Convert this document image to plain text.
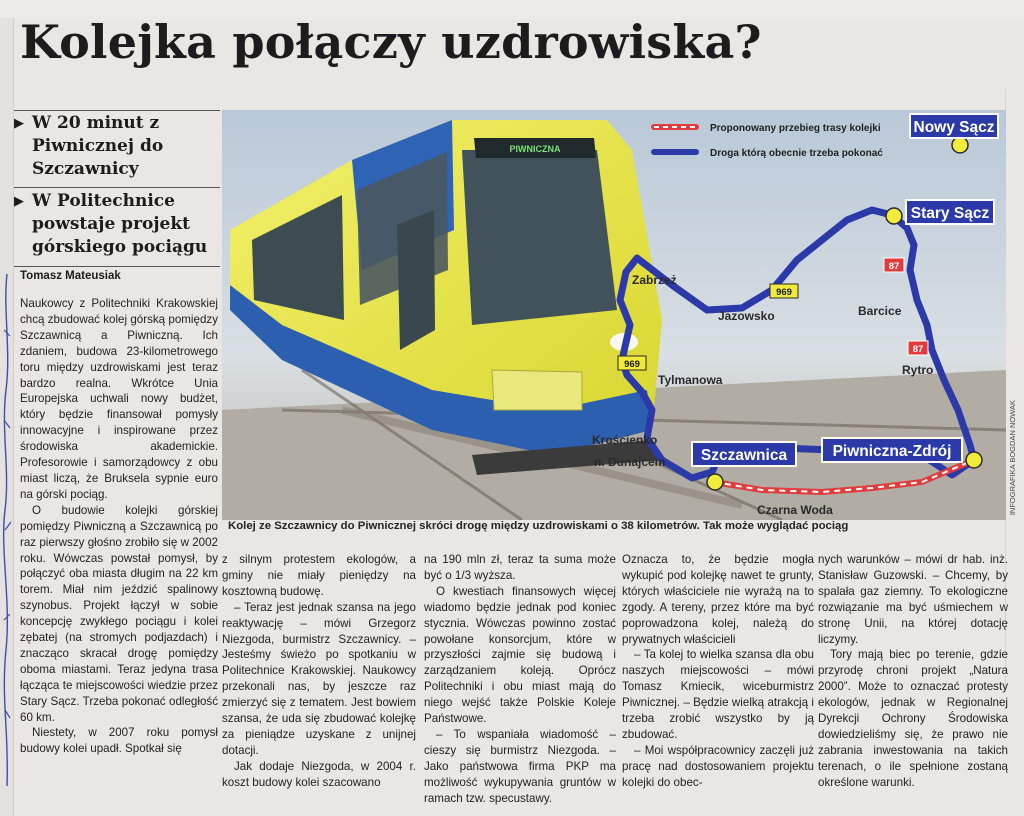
Kolejka połączy uzdrowiska?
▶ W 20 minut z Piwnicznej do Szczawnicy
▶ W Politechnice powstaje projekt górskiego pociągu
Tomasz Mateusiak
PIWNICZNA
Proponowany przebieg trasy kolejki
Droga którą obecnie trzeba pokonać
Nowy Sącz
Stary Sącz
Szczawnica	Piwniczna-Zdrój
Zabrzeż
Jazowsko	Barcice
Rytro
Tylmanowa
Krościenko
n. Dunajcem
Czarna Woda
969
87
87
969
Kolej ze Szczawnicy do Piwnicznej skróci drogę między uzdrowiskami o 38 kilometrów. Tak może wyglądać pociąg
INFOGRAFIKA BOGDAN NOWAK

Naukowcy z Politechniki Krakowskiej chcą zbudować kolej górską pomiędzy Szczawnicą a Piwniczną. Ich zdaniem, budowa 23-kilometrowego toru między uzdrowiskami jest teraz bardzo realna. Wkrótce Unia Europejska uchwali nowy budżet, który będzie finansował pomysły innowacyjne i inspirowane przez środowiska akademickie. Profesorowie i samorządowcy z obu miast liczą, że Bruksela sypnie euro na górski pociąg.

O budowie kolejki górskiej pomiędzy Piwniczną a Szczawnicą po raz pierwszy głośno zrobiło się w 2002 roku. Wówczas powstał pomysł, by połączyć oba miasta długim na 22 km torem. Miał nim jeździć spalinowy szynobus. Projekt łączył w sobie koncepcję zwykłego pociągu i kolei zębatej (na stromych podjazdach) i znacząco skracał drogę pomiędzy oboma miastami. Teraz jedyna trasa łącząca te miejscowości wiedzie przez Stary Sącz. Trzeba pokonać odległość 60 km.

Niestety, w 2007 roku pomysł budowy kolei upadł. Spotkał się

z silnym protestem ekologów, a gminy nie miały pieniędzy na kosztowną budowę.

– Teraz jest jednak szansa na jego reaktywację – mówi Grzegorz Niezgoda, burmistrz Szczawnicy. – Jesteśmy świeżo po spotkaniu w Politechnice Krakowskiej. Naukowcy przekonali nas, by jeszcze raz zmierzyć się z tematem. Jest bowiem szansa, że uda się zbudować kolejkę za pieniądze uzyskane z unijnej dotacji.

Jak dodaje Niezgoda, w 2004 r. koszt budowy kolei szacowano

na 190 mln zł, teraz ta suma może być o 1/3 wyższa.

O kwestiach finansowych więcej wiadomo będzie jednak pod koniec stycznia. Wówczas powinno zostać powołane konsorcjum, które w przyszłości zajmie się budową i zarządzaniem koleją. Oprócz Politechniki i obu miast mają do niego wejść także Polskie Koleje Państwowe.

– To wspaniała wiadomość – cieszy się burmistrz Niezgoda. – Jako państwowa firma PKP ma możliwość wykupywania gruntów w ramach tzw. specustawy.

Oznacza to, że będzie mogła wykupić pod kolejkę nawet te grunty, których właściciele nie wyrażą na to zgody. A tereny, przez które ma być poprowadzona kolej, należą do prywatnych właścicieli

– Ta kolej to wielka szansa dla obu naszych miejscowości – mówi Tomasz Kmiecik, wiceburmistrz Piwnicznej. – Będzie wielką atrakcją i trzeba zrobić wszystko by ją zbudować.

– Moi współpracownicy zaczęli już pracę nad dostosowaniem projektu kolejki do obec-

nych warunków – mówi dr hab. inż. Stanisław Guzowski. – Chcemy, by spalała gaz ziemny. To ekologiczne rozwiązanie ma być uśmiechem w stronę Unii, na której dotację liczymy.

Tory mają biec po terenie, gdzie przyrodę chroni projekt „Natura 2000”. Może to oznaczać protesty ekologów, jednak w Regionalnej Dyrekcji Ochrony Środowiska dowiedzieliśmy się, że prawo nie zabrania inwestowania na takich terenach, o ile spełnione zostaną określone warunki.
